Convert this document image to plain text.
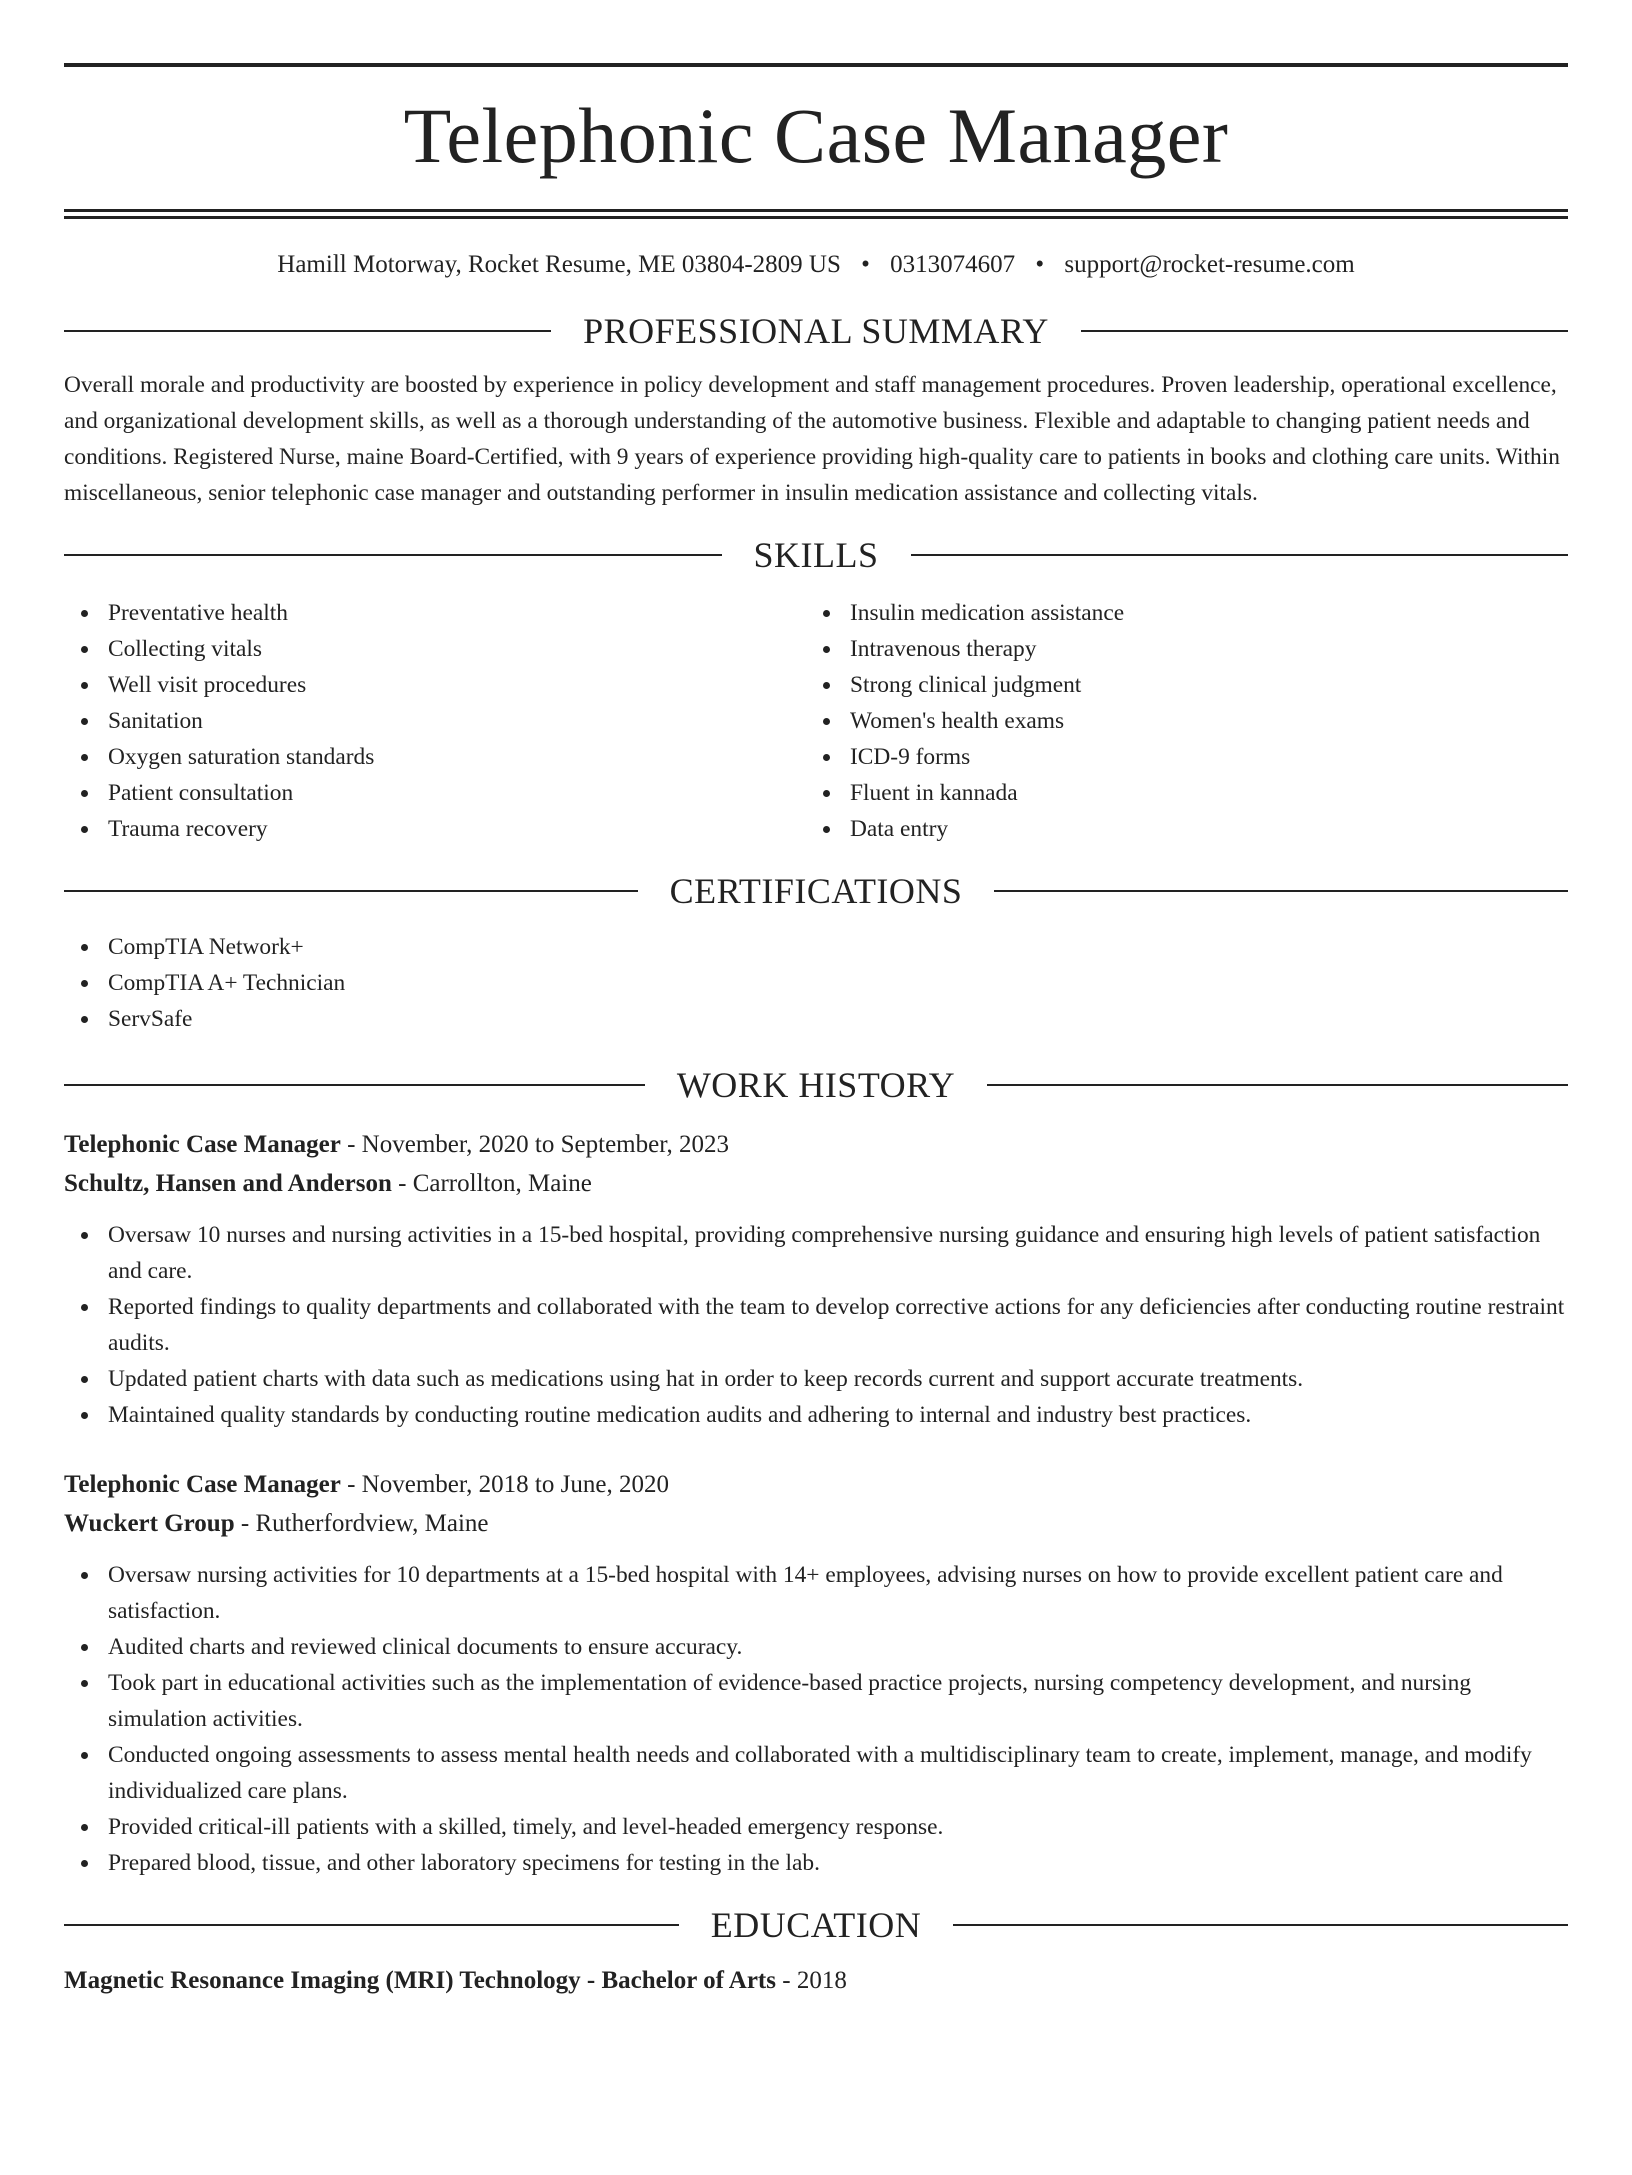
Telephonic Case Manager
Hamill Motorway, Rocket Resume, ME 03804-2809 US • 0313074607 • support@rocket-resume.com
PROFESSIONAL SUMMARY

Overall morale and productivity are boosted by experience in policy development and staff management procedures. Proven leadership, operational excellence, and organizational development skills, as well as a thorough understanding of the automotive business. Flexible and adaptable to changing patient needs and conditions. Registered Nurse, maine Board-Certified, with 9 years of experience providing high-quality care to patients in books and clothing care units. Within miscellaneous, senior telephonic case manager and outstanding performer in insulin medication assistance and collecting vitals.

SKILLS
Preventative health
Collecting vitals
Well visit procedures
Sanitation
Oxygen saturation standards
Patient consultation
Trauma recovery
Insulin medication assistance
Intravenous therapy
Strong clinical judgment
Women's health exams
ICD-9 forms
Fluent in kannada
Data entry
CERTIFICATIONS
CompTIA Network+
CompTIA A+ Technician
ServSafe
WORK HISTORY
Telephonic Case Manager - November, 2020 to September, 2023
Schultz, Hansen and Anderson - Carrollton, Maine
Oversaw 10 nurses and nursing activities in a 15-bed hospital, providing comprehensive nursing guidance and ensuring high levels of patient satisfaction and care.
Reported findings to quality departments and collaborated with the team to develop corrective actions for any deficiencies after conducting routine restraint audits.
Updated patient charts with data such as medications using hat in order to keep records current and support accurate treatments.
Maintained quality standards by conducting routine medication audits and adhering to internal and industry best practices.
Telephonic Case Manager - November, 2018 to June, 2020
Wuckert Group - Rutherfordview, Maine
Oversaw nursing activities for 10 departments at a 15-bed hospital with 14+ employees, advising nurses on how to provide excellent patient care and satisfaction.
Audited charts and reviewed clinical documents to ensure accuracy.
Took part in educational activities such as the implementation of evidence-based practice projects, nursing competency development, and nursing simulation activities.
Conducted ongoing assessments to assess mental health needs and collaborated with a multidisciplinary team to create, implement, manage, and modify individualized care plans.
Provided critical-ill patients with a skilled, timely, and level-headed emergency response.
Prepared blood, tissue, and other laboratory specimens for testing in the lab.
EDUCATION
Magnetic Resonance Imaging (MRI) Technology - Bachelor of Arts - 2018
